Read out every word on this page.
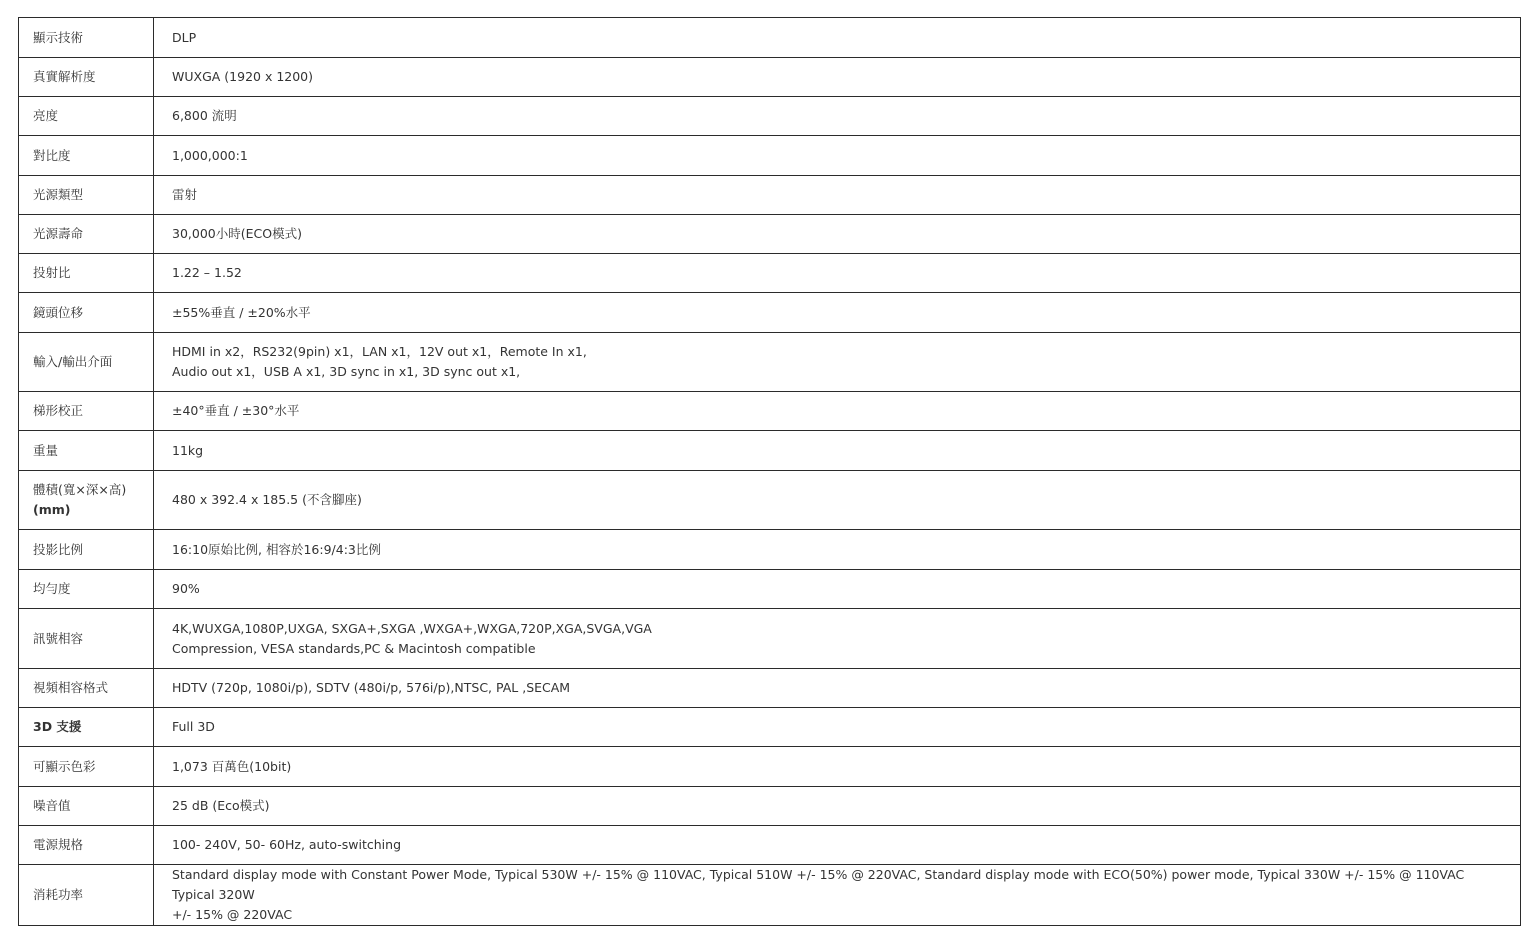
顯示技術	DLP
真實解析度	WUXGA (1920 x 1200)
亮度	6,800 流明
對比度	1,000,000:1
光源類型	雷射
光源壽命	30,000小時(ECO模式)
投射比	1.22 – 1.52
鏡頭位移	±55%垂直 / ±20%水平
輸入/輸出介面	HDMI in x2，RS232(9pin) x1，LAN x1，12V out x1，Remote In x1,
Audio out x1，USB A x1, 3D sync in x1, 3D sync out x1,
梯形校正	±40°垂直 / ±30°水平
重量	11kg
體積(寬×深×高)
(mm)	480 x 392.4 x 185.5 (不含腳座)
投影比例	16:10原始比例, 相容於16:9/4:3比例
均勻度	90%
訊號相容	4K,WUXGA,1080P,UXGA, SXGA+,SXGA ,WXGA+,WXGA,720P,XGA,SVGA,VGA
Compression, VESA standards,PC & Macintosh compatible
視頻相容格式	HDTV (720p, 1080i/p), SDTV (480i/p, 576i/p),NTSC, PAL ,SECAM
3D 支援	Full 3D
可顯示色彩	1,073 百萬色(10bit)
噪音值	25 dB (Eco模式)
電源規格	100- 240V, 50- 60Hz, auto-switching
消耗功率	Standard display mode with Constant Power Mode, Typical 530W +/- 15% @ 110VAC, Typical 510W +/- 15% @ 220VAC, Standard display mode with ECO(50%) power mode, Typical 330W +/- 15% @ 110VAC Typical 320W
+/- 15% @ 220VAC
